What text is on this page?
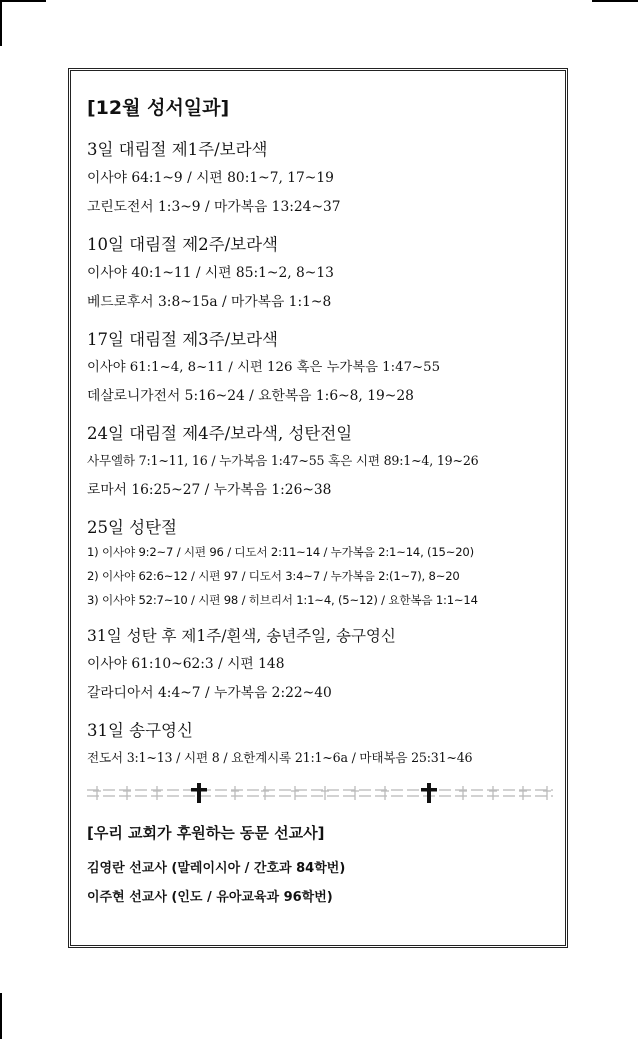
[12월 성서일과]
3일 대림절 제1주/보라색
이사야 64:1~9 / 시편 80:1~7, 17~19
고린도전서 1:3~9 / 마가복음 13:24~37
10일 대림절 제2주/보라색
이사야 40:1~11 / 시편 85:1~2, 8~13
베드로후서 3:8~15a / 마가복음 1:1~8
17일 대림절 제3주/보라색
이사야 61:1~4, 8~11 / 시편 126 혹은 누가복음 1:47~55
데살로니가전서 5:16~24 / 요한복음 1:6~8, 19~28
24일 대림절 제4주/보라색, 성탄전일
사무엘하 7:1~11, 16 / 누가복음 1:47~55 혹은 시편 89:1~4, 19~26
로마서 16:25~27 / 누가복음 1:26~38
25일 성탄절
1) 이사야 9:2~7 / 시편 96 / 디도서 2:11~14 / 누가복음 2:1~14, (15~20)
2) 이사야 62:6~12 / 시편 97 / 디도서 3:4~7 / 누가복음 2:(1~7), 8~20
3) 이사야 52:7~10 / 시편 98 / 히브리서 1:1~4, (5~12) / 요한복음 1:1~14
31일 성탄 후 제1주/흰색, 송년주일, 송구영신
이사야 61:10~62:3 / 시편 148
갈라디아서 4:4~7 / 누가복음 2:22~40
31일 송구영신
전도서 3:1~13 / 시편 8 / 요한계시록 21:1~6a / 마태복음 25:31~46
[우리 교회가 후원하는 동문 선교사]
김영란 선교사 (말레이시아 / 간호과 84학번)
이주현 선교사 (인도 / 유아교육과 96학번)
